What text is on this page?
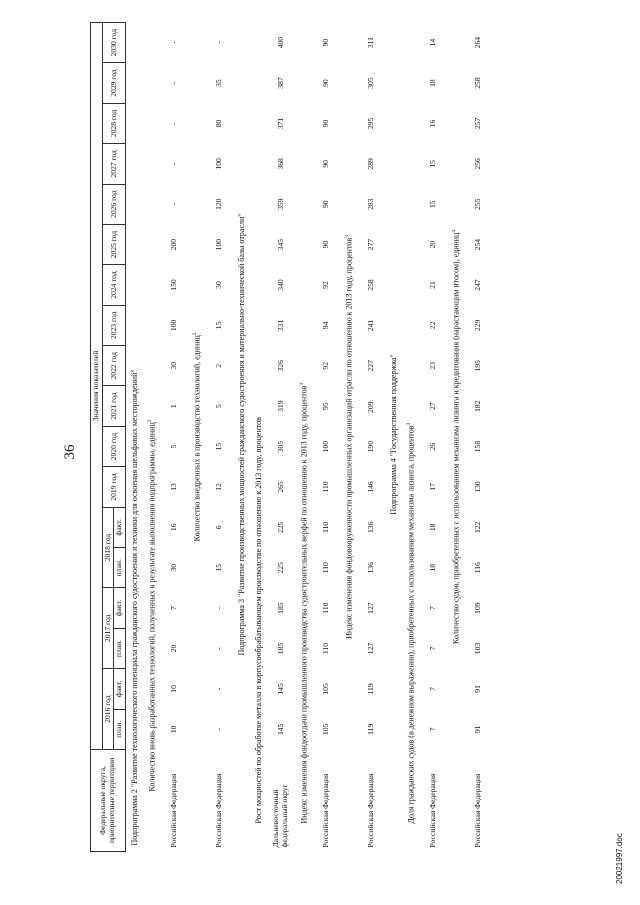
36
Федеральные округа, приоритетные территории	Значения показателей																	
	2016 год		2017 год		2018 год		2019 год	2020 год	2021 год	2022 год	2023 год	2024 год	2025 год	2026 год	2027 год	2028 год	2029 год	2030 год
	план.	факт.	план.	факт.	план.	факт.												
Подпрограмма 2 "Развитие технологического потенциала гражданского судостроения и техники для освоения шельфовых месторождений"																		
Количество вновь разработанных технологий, полученных в результате выполнения подпрограммы, единиц$^2$
Российская Федерация	10	10	20	7	30	16	13	5	1	30	100	150	200	-	-	-	-	-
Количество внедренных в производство технологий, единиц$^2$
Российская Федерация	-	-	-	-	15	6	12	15	5	2	15	30	100	120	100	80	35	-
Подпрограмма 3 "Развитие производственных мощностей гражданского судостроения и материально-технической базы отрасли"																		
Рост мощностей по обработке металла в корпусообрабатывающем производстве по отношению к 2013 году, процентов																		
Дальневосточный федеральный округ	145	145	185	185	225	225	265	305	319	326	331	340	345	359	368	371	387	400
Индекс изменения фондоотдачи промышленного производства судостроительных верфей по отношению к 2013 году, процентов$^3$
Российская Федерация	105	105	110	110	110	110	110	100	95	92	94	92	90	90	90	90	90	90
Индекс изменения фондовооруженности промышленных организаций отрасли по отношению к 2013 году, процентов$^3$
Российская Федерация	119	119	127	127	136	136	146	190	209.	227	241	258	277	283	289	295	305	311
Подпрограмма 4 "Государственная поддержка"																		
Доля гражданских судов (в денежном выражении), приобретенных с использованием механизма лизинга, процентов$^4$
Российская Федерация	7	7	7	7	18	18	17	26	27	23	22	21	20	15	15	16	18	14
Количество судов, приобретенных с использованием механизма лизинга и кредитования (нарастающим итогом), единиц$^4$
Российская Федерация	91	91	103	109	116	122	130	158	182	195	229	247	254	255	256	257	258	264
20021997.doc
